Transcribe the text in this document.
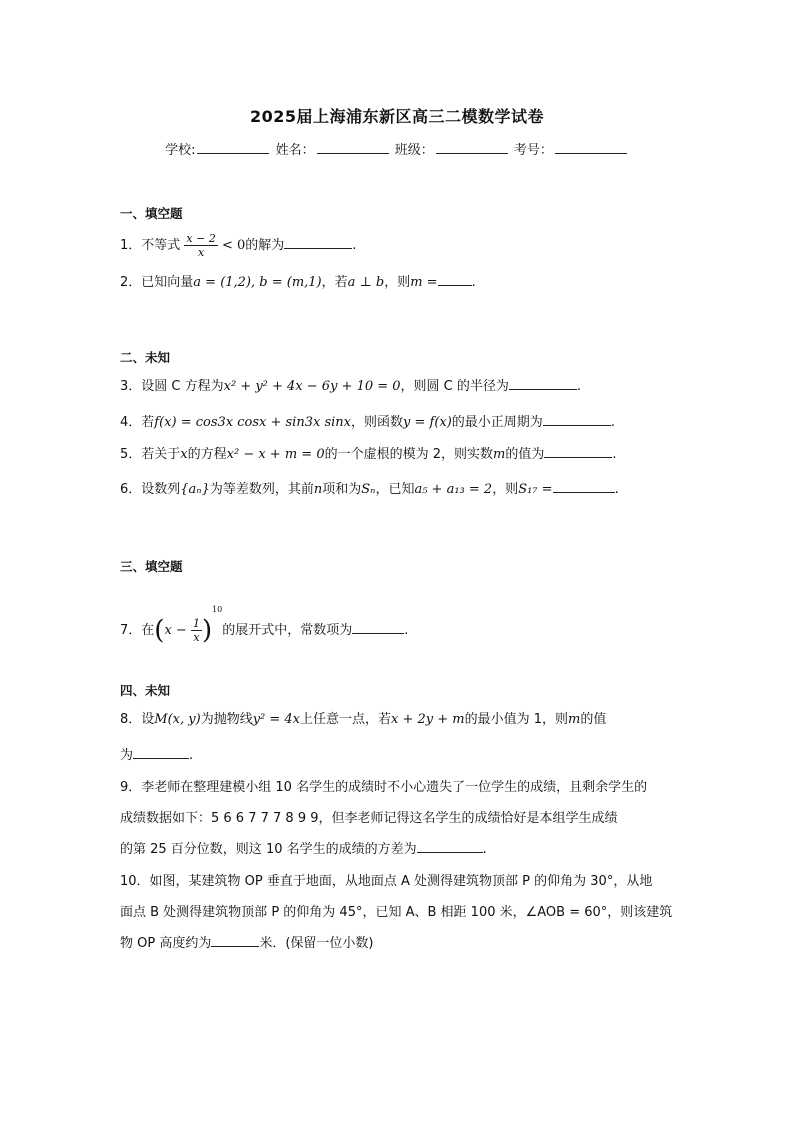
2025届上海浦东新区高三二模数学试卷
学校:	姓名：	班级：	考号：
一、填空题
1．不等式 $\frac{x - 2}{x} < 0$的解为	.
2．已知向量a = (1,2), b = (m,1)，若a ⊥ b，则m =	.
二、未知
3．设圆 C 方程为x² + y² + 4x − 6y + 10 = 0，则圆 C 的半径为	.
4．若f(x) = cos3x cosx + sin3x sinx，则函数y = f(x)的最小正周期为	.
5．若关于x的方程x² − x + m = 0的一个虚根的模为 2，则实数m的值为	.
6．设数列{aₙ}为等差数列，其前n项和为Sₙ，已知a₅ + a₁₃ = 2，则S₁₇ =	.
三、填空题
7．在$(x - \frac{1}{x} )^{10}$的展开式中，常数项为	.
四、未知
8．设M(x, y)为抛物线y² = 4x上任意一点，若x + 2y + m的最小值为 1，则m的值
为	.
9．李老师在整理建模小组 10 名学生的成绩时不小心遗失了一位学生的成绩，且剩余学生的
成绩数据如下：5 6 6 7 7 7 8 9 9，但李老师记得这名学生的成绩恰好是本组学生成绩
的第 25 百分位数，则这 10 名学生的成绩的方差为	.
10．如图，某建筑物 OP 垂直于地面，从地面点 A 处测得建筑物顶部 P 的仰角为 30°，从地
面点 B 处测得建筑物顶部 P 的仰角为 45°，已知 A、B 相距 100 米，∠AOB = 60°，则该建筑
物 OP 高度约为	米．(保留一位小数)
